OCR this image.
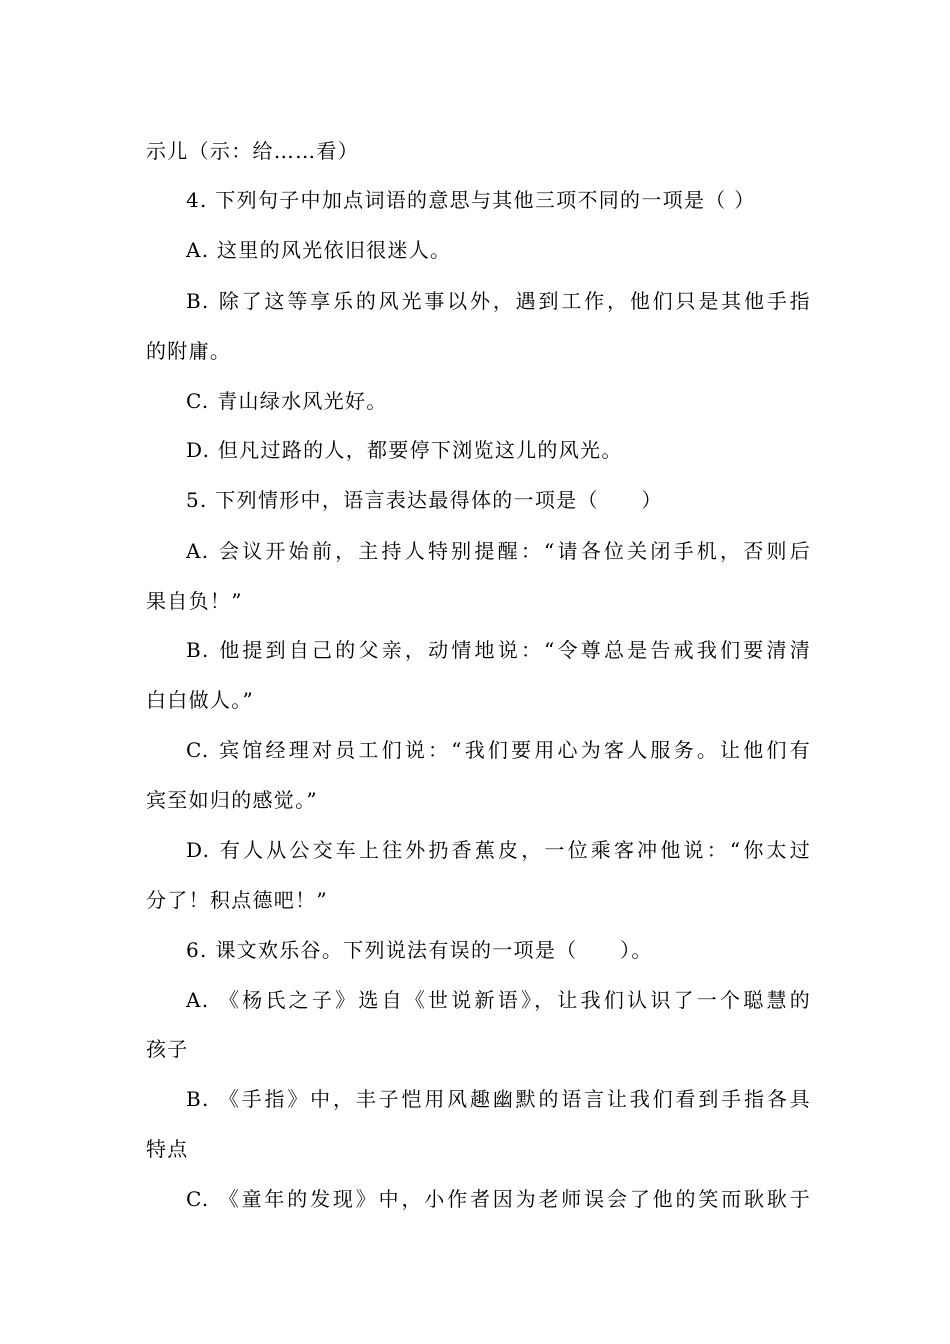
示儿（示：给……看）
4. 下列句子中加点词语的意思与其他三项不同的一项是（ ）
A. 这里的风光依旧很迷人。
B. 除了这等享乐的风光事以外，遇到工作，他们只是其他手指
的附庸。
C. 青山绿水风光好。
D. 但凡过路的人，都要停下浏览这儿的风光。
5. 下列情形中，语言表达最得体的一项是（　　）
A. 会议开始前，主持人特别提醒：“请各位关闭手机，否则后
果自负！”
B. 他提到自己的父亲，动情地说：“令尊总是告戒我们要清清
白白做人。”
C. 宾馆经理对员工们说：“我们要用心为客人服务。让他们有
宾至如归的感觉。”
D. 有人从公交车上往外扔香蕉皮，一位乘客冲他说：“你太过
分了！积点德吧！”
6. 课文欢乐谷。下列说法有误的一项是（　　）。
A. 《杨氏之子》选自《世说新语》，让我们认识了一个聪慧的
孩子
B. 《手指》中，丰子恺用风趣幽默的语言让我们看到手指各具
特点
C. 《童年的发现》中，小作者因为老师误会了他的笑而耿耿于
